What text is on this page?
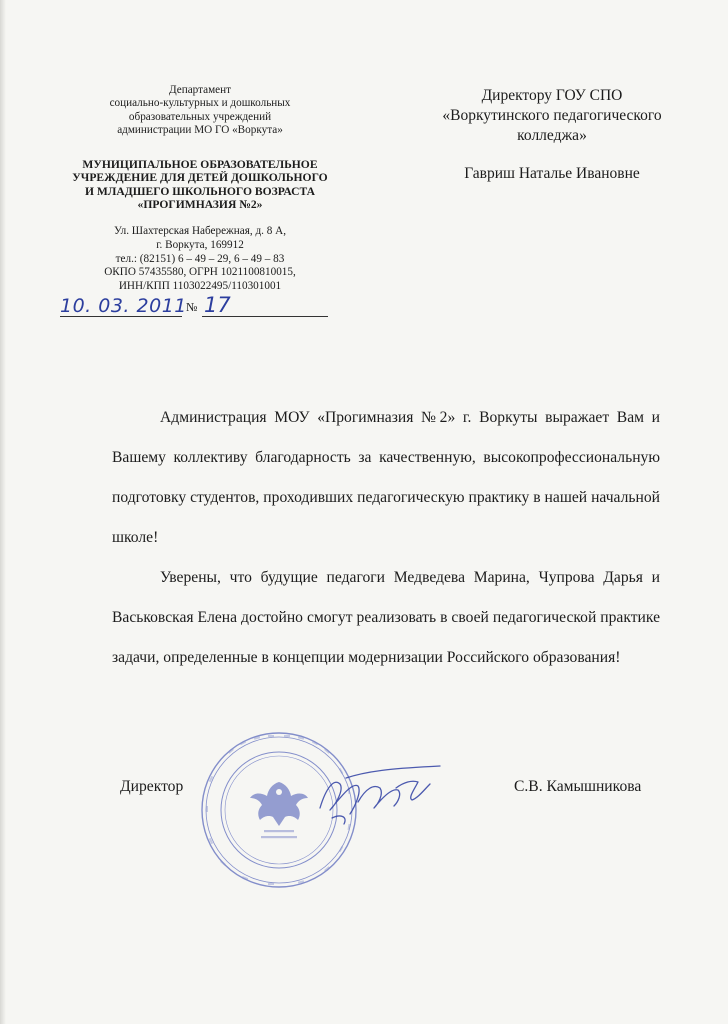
Департамент
социально-культурных и дошкольных
образовательных учреждений
администрации МО ГО «Воркута»
МУНИЦИПАЛЬНОЕ ОБРАЗОВАТЕЛЬНОЕ
УЧРЕЖДЕНИЕ ДЛЯ ДЕТЕЙ ДОШКОЛЬНОГО
И МЛАДШЕГО ШКОЛЬНОГО ВОЗРАСТА
«ПРОГИМНАЗИЯ №2»
Ул. Шахтерская Набережная, д. 8 А,
г. Воркута, 169912
тел.: (82151) 6 – 49 – 29, 6 – 49 – 83
ОКПО 57435580, ОГРН 1021100810015,
ИНН/КПП 1103022495/110301001
10. 03. 2011 № 17
Директору ГОУ СПО
«Воркутинского педагогического
колледжа»
Гавриш Наталье Ивановне

Администрация МОУ «Прогимназия №2» г. Воркуты выражает Вам и Вашему коллективу благодарность за качественную, высокопрофессиональную подготовку студентов, проходивших педагогическую практику в нашей начальной школе!

Уверены, что будущие педагоги Медведева Марина, Чупрова Дарья и Васьковская Елена достойно смогут реализовать в своей педагогической практике задачи, определенные в концепции модернизации Российского образования!

Директор	С.В. Камышникова
